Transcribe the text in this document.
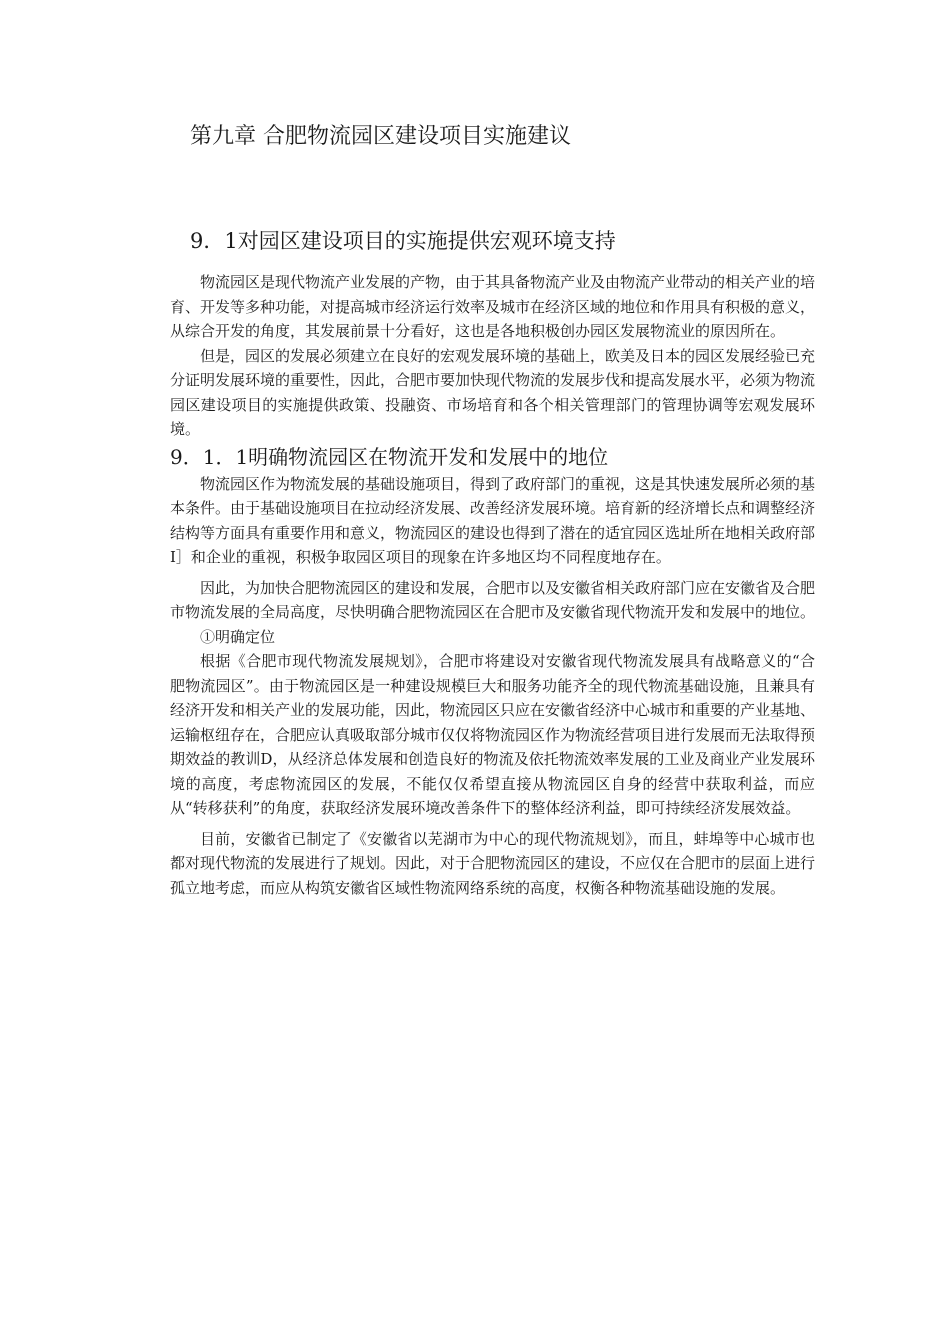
第九章 合肥物流园区建设项目实施建议
9．1对园区建设项目的实施提供宏观环境支持

物流园区是现代物流产业发展的产物，由于其具备物流产业及由物流产业带动的相关产业的培育、开发等多种功能，对提高城市经济运行效率及城市在经济区域的地位和作用具有积极的意义，从综合开发的角度，其发展前景十分看好，这也是各地积极创办园区发展物流业的原因所在。

但是，园区的发展必须建立在良好的宏观发展环境的基础上，欧美及日本的园区发展经验已充分证明发展环境的重要性，因此，合肥市要加快现代物流的发展步伐和提高发展水平，必须为物流园区建设项目的实施提供政策、投融资、市场培育和各个相关管理部门的管理协调等宏观发展环境。

9．1．1明确物流园区在物流开发和发展中的地位

物流园区作为物流发展的基础设施项目，得到了政府部门的重视，这是其快速发展所必须的基本条件。由于基础设施项目在拉动经济发展、改善经济发展环境。培育新的经济增长点和调整经济结构等方面具有重要作用和意义，物流园区的建设也得到了潜在的适宜园区选址所在地相关政府部I］和企业的重视，积极争取园区项目的现象在许多地区均不同程度地存在。

因此，为加快合肥物流园区的建设和发展，合肥市以及安徽省相关政府部门应在安徽省及合肥市物流发展的全局高度，尽快明确合肥物流园区在合肥市及安徽省现代物流开发和发展中的地位。

①明确定位

根据《合肥市现代物流发展规划》，合肥市将建设对安徽省现代物流发展具有战略意义的“合肥物流园区”。由于物流园区是一种建设规模巨大和服务功能齐全的现代物流基础设施，且兼具有经济开发和相关产业的发展功能，因此，物流园区只应在安徽省经济中心城市和重要的产业基地、运输枢纽存在，合肥应认真吸取部分城市仅仅将物流园区作为物流经营项目进行发展而无法取得预期效益的教训D，从经济总体发展和创造良好的物流及依托物流效率发展的工业及商业产业发展环境的高度，考虑物流园区的发展，不能仅仅希望直接从物流园区自身的经营中获取利益，而应从“转移获利”的角度，获取经济发展环境改善条件下的整体经济利益，即可持续经济发展效益。

目前，安徽省已制定了《安徽省以芜湖市为中心的现代物流规划》，而且，蚌埠等中心城市也都对现代物流的发展进行了规划。因此，对于合肥物流园区的建设，不应仅在合肥市的层面上进行孤立地考虑，而应从构筑安徽省区域性物流网络系统的高度，权衡各种物流基础设施的发展。
